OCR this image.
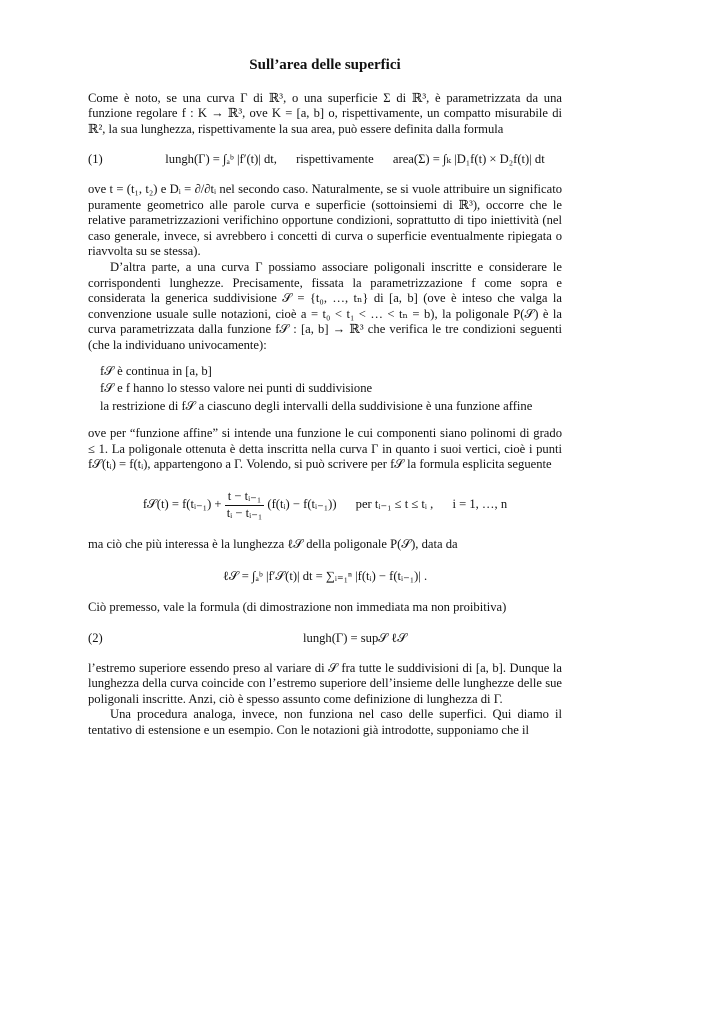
Sull’area delle superfici

Come è noto, se una curva Γ di ℝ³, o una superficie Σ di ℝ³, è parametrizzata da una funzione regolare f : K → ℝ³, ove K = [a, b] o, rispettivamente, un compatto misurabile di ℝ², la sua lunghezza, rispettivamente la sua area, può essere definita dalla formula

(1)	lungh(Γ) = ∫ₐᵇ |f′(t)| dt, rispettivamente area(Σ) = ∫ₖ |D₁f(t) × D₂f(t)| dt

ove t = (t₁, t₂) e Dᵢ = ∂/∂tᵢ nel secondo caso. Naturalmente, se si vuole attribuire un significato puramente geometrico alle parole curva e superficie (sottoinsiemi di ℝ³), occorre che le relative parametrizzazioni verifichino opportune condizioni, soprattutto di tipo iniettività (nel caso generale, invece, si avrebbero i concetti di curva o superficie eventualmente ripiegata o riavvolta su se stessa).

D’altra parte, a una curva Γ possiamo associare poligonali inscritte e considerare le corrispondenti lunghezze. Precisamente, fissata la parametrizzazione f come sopra e considerata la generica suddivisione 𝒮 = {t₀, …, tₙ} di [a, b] (ove è inteso che valga la convenzione usuale sulle notazioni, cioè a = t₀ < t₁ < … < tₙ = b), la poligonale P(𝒮) è la curva parametrizzata dalla funzione f𝒮 : [a, b] → ℝ³ che verifica le tre condizioni seguenti (che la individuano univocamente):

f𝒮 è continua in [a, b]
f𝒮 e f hanno lo stesso valore nei punti di suddivisione
la restrizione di f𝒮 a ciascuno degli intervalli della suddivisione è una funzione affine

ove per “funzione affine” si intende una funzione le cui componenti siano polinomi di grado ≤ 1. La poligonale ottenuta è detta inscritta nella curva Γ in quanto i suoi vertici, cioè i punti f𝒮(tᵢ) = f(tᵢ), appartengono a Γ. Volendo, si può scrivere per f𝒮 la formula esplicita seguente

f𝒮(t) = f(tᵢ₋₁) + $\frac{\text{t − tᵢ₋₁}}{\text{tᵢ − tᵢ₋₁}}$ (f(tᵢ) − f(tᵢ₋₁)) per tᵢ₋₁ ≤ t ≤ tᵢ , i = 1, …, n

ma ciò che più interessa è la lunghezza ℓ𝒮 della poligonale P(𝒮), data da

ℓ𝒮 = ∫ₐᵇ |f′𝒮(t)| dt = ∑ᵢ₌₁ⁿ |f(tᵢ) − f(tᵢ₋₁)| .

Ciò premesso, vale la formula (di dimostrazione non immediata ma non proibitiva)

(2)	lungh(Γ) = sup𝒮 ℓ𝒮

l’estremo superiore essendo preso al variare di 𝒮 fra tutte le suddivisioni di [a, b]. Dunque la lunghezza della curva coincide con l’estremo superiore dell’insieme delle lunghezze delle sue poligonali inscritte. Anzi, ciò è spesso assunto come definizione di lunghezza di Γ.

Una procedura analoga, invece, non funziona nel caso delle superfici. Qui diamo il tentativo di estensione e un esempio. Con le notazioni già introdotte, supponiamo che il
